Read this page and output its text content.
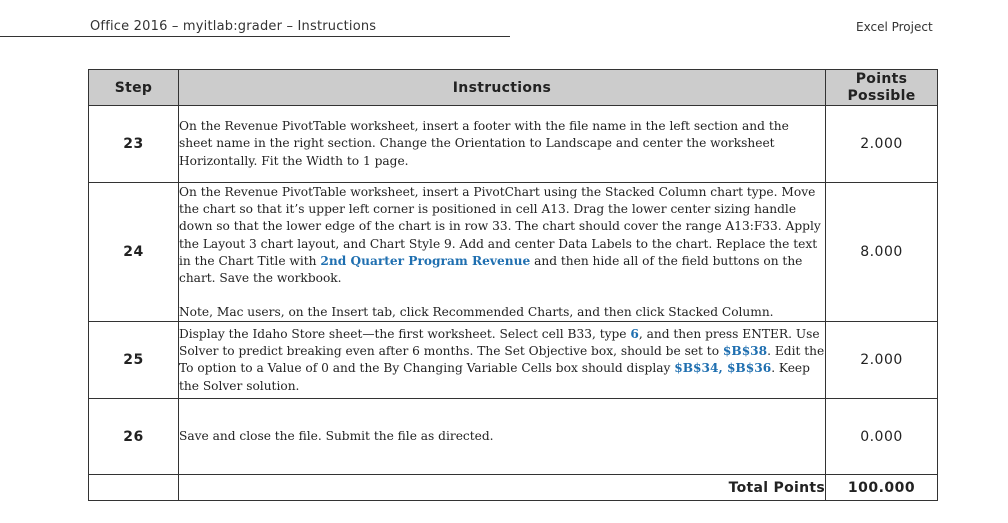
Office 2016 – myitlab:grader – Instructions	Excel Project
Step	Instructions	Points
Possible
23	On the Revenue PivotTable worksheet, insert a footer with the file name in the left section and the sheet name in the right section. Change the Orientation to Landscape and center the worksheet Horizontally. Fit the Width to 1 page.	2.000
24	On the Revenue PivotTable worksheet, insert a PivotChart using the Stacked Column chart type. Move the chart so that it’s upper left corner is positioned in cell A13. Drag the lower center sizing handle down so that the lower edge of the chart is in row 33. The chart should cover the range A13:F33. Apply the Layout 3 chart layout, and Chart Style 9. Add and center Data Labels to the chart. Replace the text in the Chart Title with 2nd Quarter Program Revenue and then hide all of the field buttons on the chart. Save the workbook.
Note, Mac users, on the Insert tab, click Recommended Charts, and then click Stacked Column.	8.000
25	Display the Idaho Store sheet—the first worksheet. Select cell B33, type 6, and then press ENTER. Use Solver to predict breaking even after 6 months. The Set Objective box, should be set to $B$38. Edit the To option to a Value of 0 and the By Changing Variable Cells box should display $B$34, $B$36. Keep the Solver solution.	2.000
26	Save and close the file. Submit the file as directed.	0.000
	Total Points	100.000
